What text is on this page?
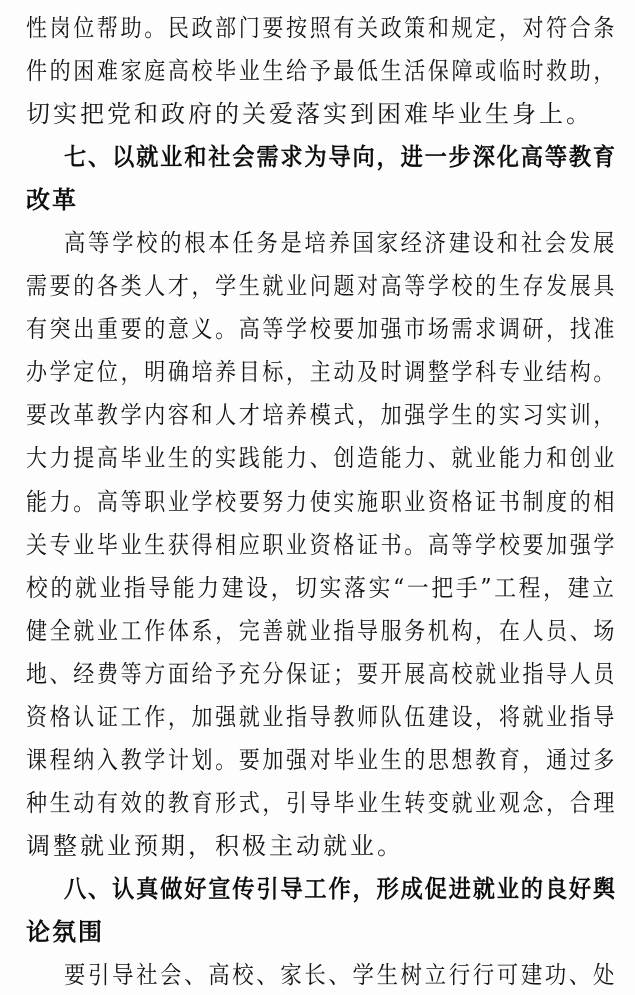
性岗位帮助。民政部门要按照有关政策和规定，对符合条
件的困难家庭高校毕业生给予最低生活保障或临时救助，
切实把党和政府的关爱落实到困难毕业生身上。
七、以就业和社会需求为导向，进一步深化高等教育
改革
高等学校的根本任务是培养国家经济建设和社会发展
需要的各类人才，学生就业问题对高等学校的生存发展具
有突出重要的意义。高等学校要加强市场需求调研，找准
办学定位，明确培养目标，主动及时调整学科专业结构。
要改革教学内容和人才培养模式，加强学生的实习实训，
大力提高毕业生的实践能力、创造能力、就业能力和创业
能力。高等职业学校要努力使实施职业资格证书制度的相
关专业毕业生获得相应职业资格证书。高等学校要加强学
校的就业指导能力建设，切实落实“一把手”工程，建立
健全就业工作体系，完善就业指导服务机构，在人员、场
地、经费等方面给予充分保证；要开展高校就业指导人员
资格认证工作，加强就业指导教师队伍建设，将就业指导
课程纳入教学计划。要加强对毕业生的思想教育，通过多
种生动有效的教育形式，引导毕业生转变就业观念，合理
调整就业预期，积极主动就业。
八、认真做好宣传引导工作，形成促进就业的良好舆
论氛围
要引导社会、高校、家长、学生树立行行可建功、处
